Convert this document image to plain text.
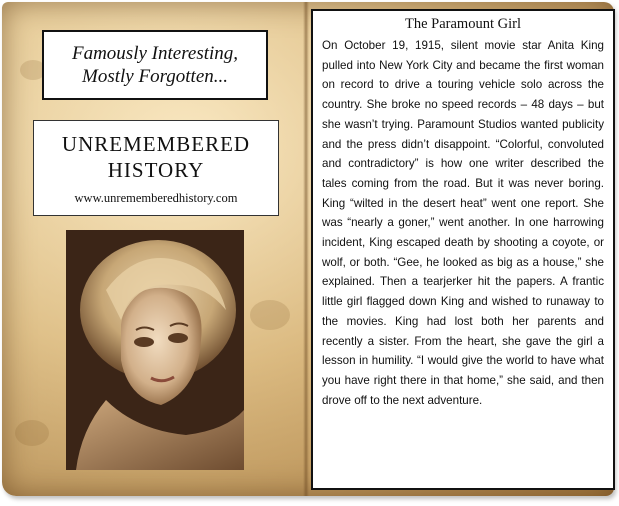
Famously Interesting,
Mostly Forgotten...
UNREMEMBERED
HISTORY
www.unrememberedhistory.com
The Paramount Girl

On October 19, 1915, silent movie star Anita King pulled into New York City and became the first woman on record to drive a touring vehicle solo across the country. She broke no speed records – 48 days – but she wasn’t trying. Paramount Studios wanted publicity and the press didn’t disappoint. “Colorful, convoluted and contradictory” is how one writer described the tales coming from the road. But it was never boring. King “wilted in the desert heat” went one report. She was “nearly a goner,” went another. In one harrowing incident, King escaped death by shooting a coyote, or wolf, or both. “Gee, he looked as big as a house,” she explained. Then a tearjerker hit the papers. A frantic little girl flagged down King and wished to runaway to the movies. King had lost both her parents and recently a sister. From the heart, she gave the girl a lesson in humility. “I would give the world to have what you have right there in that home,” she said, and then drove off to the next adventure.
